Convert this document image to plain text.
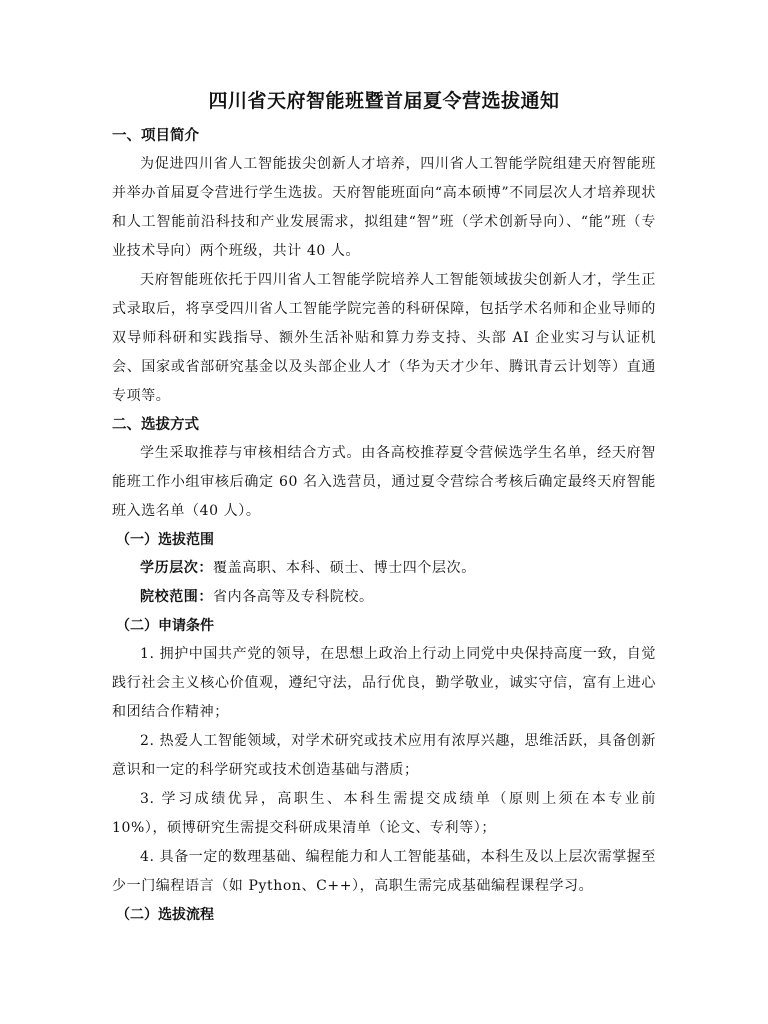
四川省天府智能班暨首届夏令营选拔通知
一、项目简介

为促进四川省人工智能拔尖创新人才培养，四川省人工智能学院组建天府智能班并举办首届夏令营进行学生选拔。天府智能班面向“高本硕博”不同层次人才培养现状和人工智能前沿科技和产业发展需求，拟组建“智”班（学术创新导向）、“能”班（专业技术导向）两个班级，共计 40 人。

天府智能班依托于四川省人工智能学院培养人工智能领域拔尖创新人才，学生正式录取后，将享受四川省人工智能学院完善的科研保障，包括学术名师和企业导师的双导师科研和实践指导、额外生活补贴和算力券支持、头部 AI 企业实习与认证机会、国家或省部研究基金以及头部企业人才（华为天才少年、腾讯青云计划等）直通专项等。

二、选拔方式

学生采取推荐与审核相结合方式。由各高校推荐夏令营候选学生名单，经天府智能班工作小组审核后确定 60 名入选营员，通过夏令营综合考核后确定最终天府智能班入选名单（40 人）。

（一）选拔范围

学历层次：覆盖高职、本科、硕士、博士四个层次。

院校范围：省内各高等及专科院校。

（二）申请条件

1. 拥护中国共产党的领导，在思想上政治上行动上同党中央保持高度一致，自觉践行社会主义核心价值观，遵纪守法，品行优良，勤学敬业，诚实守信，富有上进心和团结合作精神；

2. 热爱人工智能领域，对学术研究或技术应用有浓厚兴趣，思维活跃，具备创新意识和一定的科学研究或技术创造基础与潜质；

3. 学习成绩优异，高职生、本科生需提交成绩单（原则上须在本专业前 10%），硕博研究生需提交科研成果清单（论文、专利等）；

4. 具备一定的数理基础、编程能力和人工智能基础，本科生及以上层次需掌握至少一门编程语言（如 Python、C++），高职生需完成基础编程课程学习。

（二）选拔流程
